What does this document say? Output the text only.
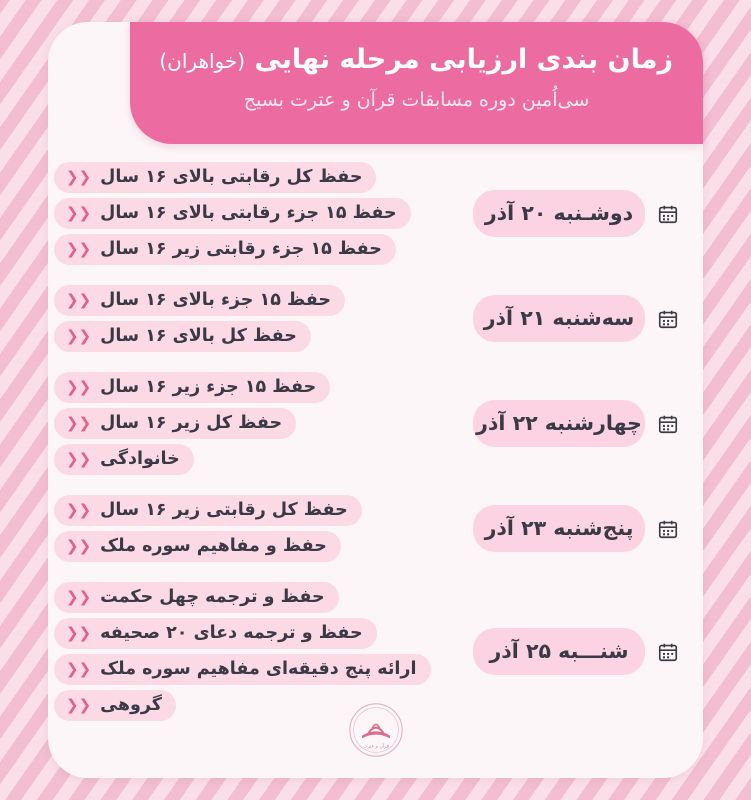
زمان بندی ارزیابی مرحله نهایی (خواهران)
سی‌اُمین دوره مسابقات قرآن و عترت بسیج
دوشـنبه ۲۰ آذر
❮❮ حفظ کل رقابتی بالای ۱۶ سال
❮❮ حفظ ۱۵ جزء رقابتی بالای ۱۶ سال
❮❮ حفظ ۱۵ جزء رقابتی زیر ۱۶ سال
سه‌شنبه ۲۱ آذر
❮❮ حفظ ۱۵ جزء بالای ۱۶ سال
❮❮ حفظ کل بالای ۱۶ سال
چهارشنبه ۲۲ آذر
❮❮ حفظ ۱۵ جزء زیر ۱۶ سال
❮❮ حفظ کل زیر ۱۶ سال
❮❮ خانوادگی
پنج‌شنبه ۲۳ آذر
❮❮ حفظ کل رقابتی زیر ۱۶ سال
❮❮ حفظ و مفاهیم سوره ملک
شنـــبه ۲۵ آذر
❮❮ حفظ و ترجمه چهل حکمت
❮❮ حفظ و ترجمه دعای ۲۰ صحیفه
❮❮ ارائه پنج دقیقه‌ای مفاهیم سوره ملک
❮❮ گروهی
قرآن و عترت
